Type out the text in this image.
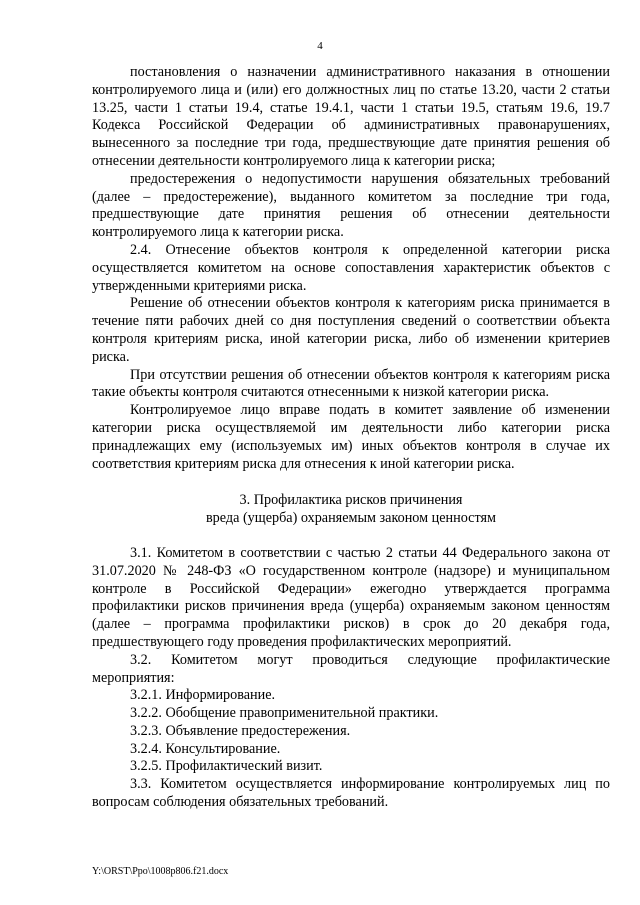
4

постановления о назначении административного наказания в отношении контролируемого лица и (или) его должностных лиц по статье 13.20, части 2 статьи 13.25, части 1 статьи 19.4, статье 19.4.1, части 1 статьи 19.5, статьям 19.6, 19.7 Кодекса Российской Федерации об административных правонарушениях, вынесенного за последние три года, предшествующие дате принятия решения об отнесении деятельности контролируемого лица к категории риска;

предостережения о недопустимости нарушения обязательных требований (далее – предостережение), выданного комитетом за последние три года, предшествующие дате принятия решения об отнесении деятельности контролируемого лица к категории риска.

2.4. Отнесение объектов контроля к определенной категории риска осуществляется комитетом на основе сопоставления характеристик объектов с утвержденными критериями риска.

Решение об отнесении объектов контроля к категориям риска принимается в течение пяти рабочих дней со дня поступления сведений о соответствии объекта контроля критериям риска, иной категории риска, либо об изменении критериев риска.

При отсутствии решения об отнесении объектов контроля к категориям риска такие объекты контроля считаются отнесенными к низкой категории риска.

Контролируемое лицо вправе подать в комитет заявление об изменении категории риска осуществляемой им деятельности либо категории риска принадлежащих ему (используемых им) иных объектов контроля в случае их соответствия критериям риска для отнесения к иной категории риска.

3. Профилактика рисков причинения
вреда (ущерба) охраняемым законом ценностям

3.1. Комитетом в соответствии с частью 2 статьи 44 Федерального закона от 31.07.2020 № 248-ФЗ «О государственном контроле (надзоре) и муниципальном контроле в Российской Федерации» ежегодно утверждается программа профилактики рисков причинения вреда (ущерба) охраняемым законом ценностям (далее – программа профилактики рисков) в срок до 20 декабря года, предшествующего году проведения профилактических мероприятий.

3.2. Комитетом могут проводиться следующие профилактические мероприятия:

3.2.1. Информирование.

3.2.2. Обобщение правоприменительной практики.

3.2.3. Объявление предостережения.

3.2.4. Консультирование.

3.2.5. Профилактический визит.

3.3. Комитетом осуществляется информирование контролируемых лиц по вопросам соблюдения обязательных требований.

Y:\ORST\Ppo\1008p806.f21.docx
